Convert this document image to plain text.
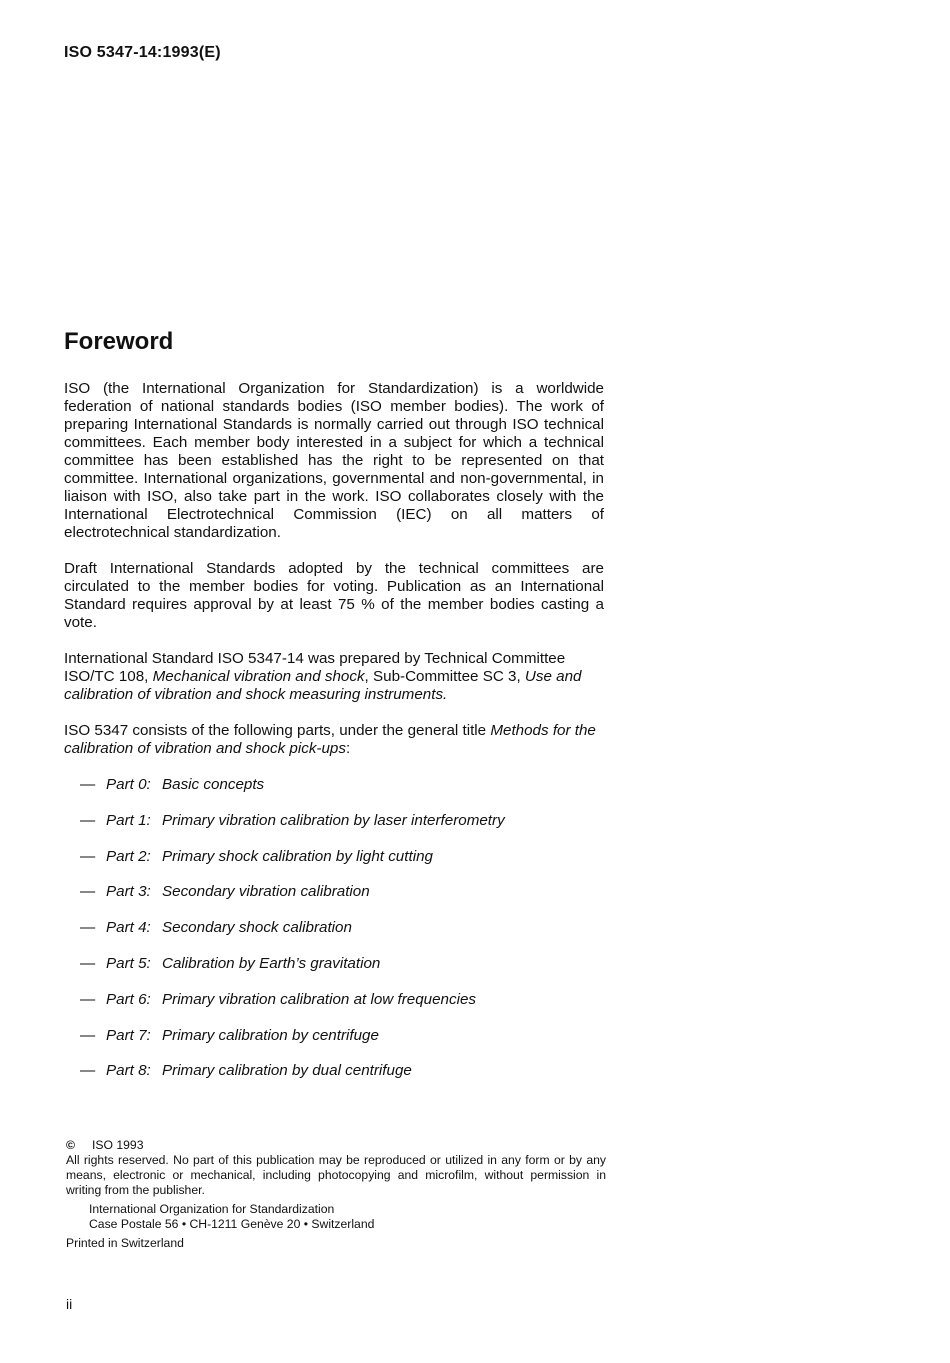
ISO 5347-14:1993(E)
Foreword

ISO (the International Organization for Standardization) is a worldwide federation of national standards bodies (ISO member bodies). The work of preparing International Standards is normally carried out through ISO technical committees. Each member body interested in a subject for which a technical committee has been established has the right to be represented on that committee. International organizations, governmental and non-governmental, in liaison with ISO, also take part in the work. ISO collaborates closely with the International Electrotechnical Commission (IEC) on all matters of electrotechnical standardization.

Draft International Standards adopted by the technical committees are circulated to the member bodies for voting. Publication as an International Standard requires approval by at least 75 % of the member bodies casting a vote.

International Standard ISO 5347-14 was prepared by Technical Committee ISO/TC 108, Mechanical vibration and shock, Sub-Committee SC 3, Use and calibration of vibration and shock measuring instruments.

ISO 5347 consists of the following parts, under the general title Methods for the calibration of vibration and shock pick-ups:

— Part 0: Basic concepts
— Part 1: Primary vibration calibration by laser interferometry
— Part 2: Primary shock calibration by light cutting
— Part 3: Secondary vibration calibration
— Part 4: Secondary shock calibration
— Part 5: Calibration by Earth’s gravitation
— Part 6: Primary vibration calibration at low frequencies
— Part 7: Primary calibration by centrifuge
— Part 8: Primary calibration by dual centrifuge
© ISO 1993

All rights reserved. No part of this publication may be reproduced or utilized in any form or by any means, electronic or mechanical, including photocopying and microfilm, without permission in writing from the publisher.

International Organization for Standardization
Case Postale 56 • CH-1211 Genève 20 • Switzerland
Printed in Switzerland
ii
